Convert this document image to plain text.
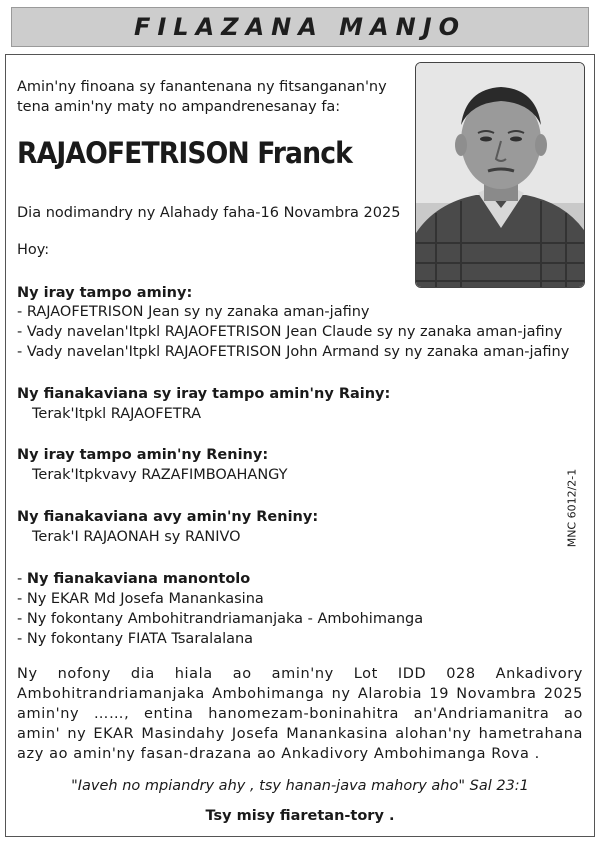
FILAZANA MANJO

Amin'ny finoana sy fanantenana ny fitsanganan'ny

tena amin'ny maty no ampandrenesanay fa:

RAJAOFETRISON Franck

Dia nodimandry ny Alahady faha-16 Novambra 2025

Hoy:

Ny iray tampo aminy:

- RAJAOFETRISON Jean sy ny zanaka aman-jafiny

- Vady navelan'Itpkl RAJAOFETRISON Jean Claude sy ny zanaka aman-jafiny

- Vady navelan'Itpkl RAJAOFETRISON John Armand sy ny zanaka aman-jafiny

Ny fianakaviana sy iray tampo amin'ny Rainy:

Terak'Itpkl RAJAOFETRA

Ny iray tampo amin'ny Reniny:

Terak'Itpkvavy RAZAFIMBOAHANGY

Ny fianakaviana avy amin'ny Reniny:

Terak'I RAJAONAH sy RANIVO

- Ny fianakaviana manontolo

- Ny EKAR Md Josefa Manankasina

- Ny fokontany Ambohitrandriamanjaka - Ambohimanga

- Ny fokontany FIATA Tsaralalana

MNC 6012/2-1

Ny nofony dia hiala ao amin'ny Lot IDD 028 Ankadivory Ambohitrandriamanjaka Ambohimanga ny Alarobia 19 Novambra 2025 amin'ny ……, entina hanomezam-boninahitra an'Andriamanitra ao amin' ny EKAR Masindahy Josefa Manankasina alohan'ny hametrahana azy ao amin'ny fasan-drazana ao Ankadivory Ambohimanga Rova .

"Iaveh no mpiandry ahy , tsy hanan-java mahory aho" Sal 23:1

Tsy misy fiaretan-tory .
